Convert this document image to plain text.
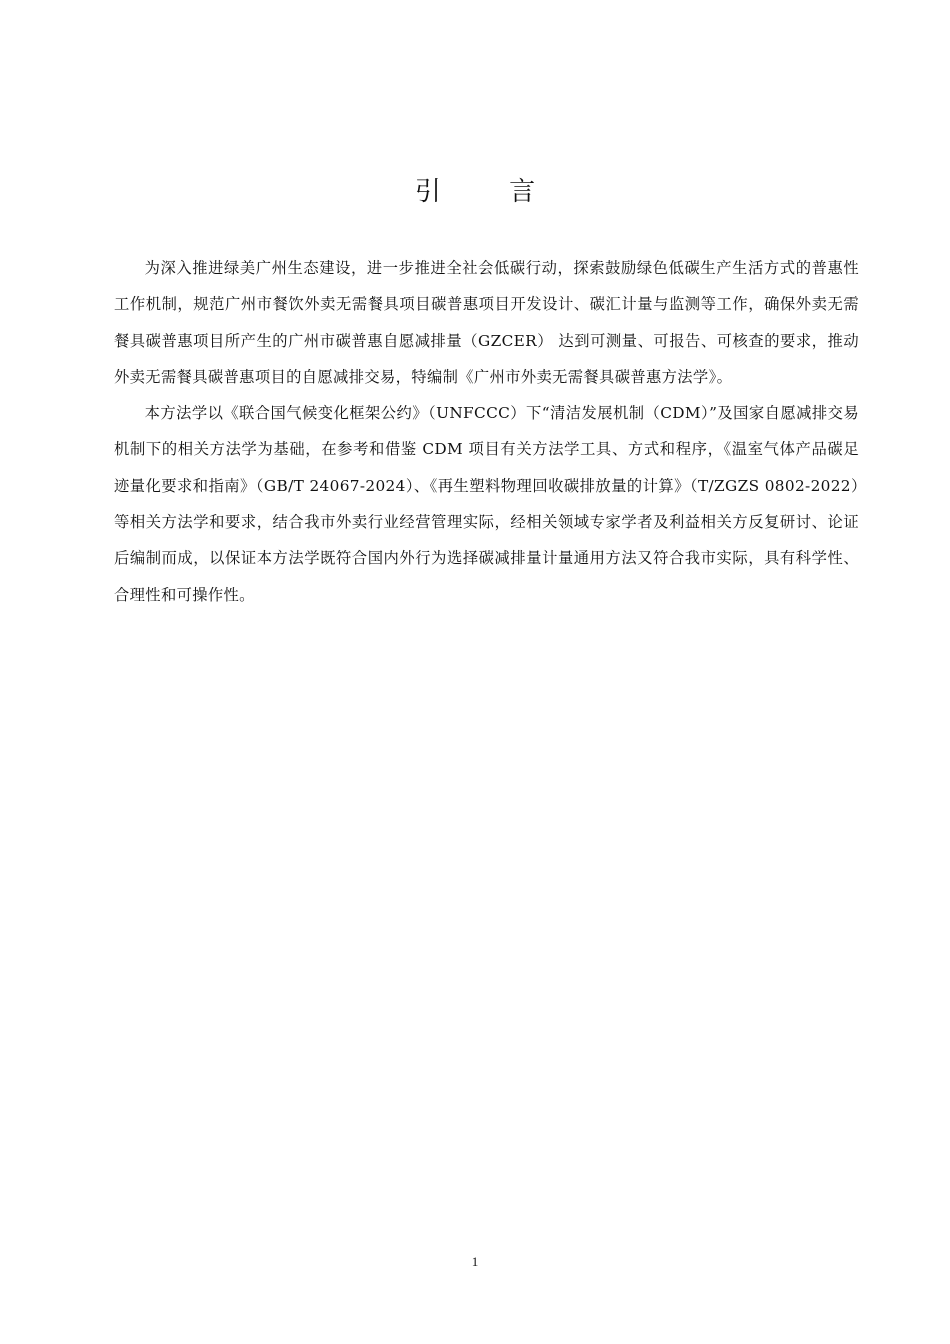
引 言

为深入推进绿美广州生态建设，进一步推进全社会低碳行动，探索鼓励绿色低碳生产生活方式的普惠性工作机制，规范广州市餐饮外卖无需餐具项目碳普惠项目开发设计、碳汇计量与监测等工作，确保外卖无需餐具碳普惠项目所产生的广州市碳普惠自愿减排量（GZCER） 达到可测量、可报告、可核查的要求，推动外卖无需餐具碳普惠项目的自愿减排交易，特编制《广州市外卖无需餐具碳普惠方法学》。

本方法学以《联合国气候变化框架公约》（UNFCCC）下“清洁发展机制（CDM）”及国家自愿减排交易机制下的相关方法学为基础，在参考和借鉴 CDM 项目有关方法学工具、方式和程序，《温室气体产品碳足迹量化要求和指南》（GB/T 24067-2024）、《再生塑料物理回收碳排放量的计算》（T/ZGZS 0802-2022）等相关方法学和要求，结合我市外卖行业经营管理实际，经相关领域专家学者及利益相关方反复研讨、论证后编制而成，以保证本方法学既符合国内外行为选择碳减排量计量通用方法又符合我市实际，具有科学性、合理性和可操作性。

1
